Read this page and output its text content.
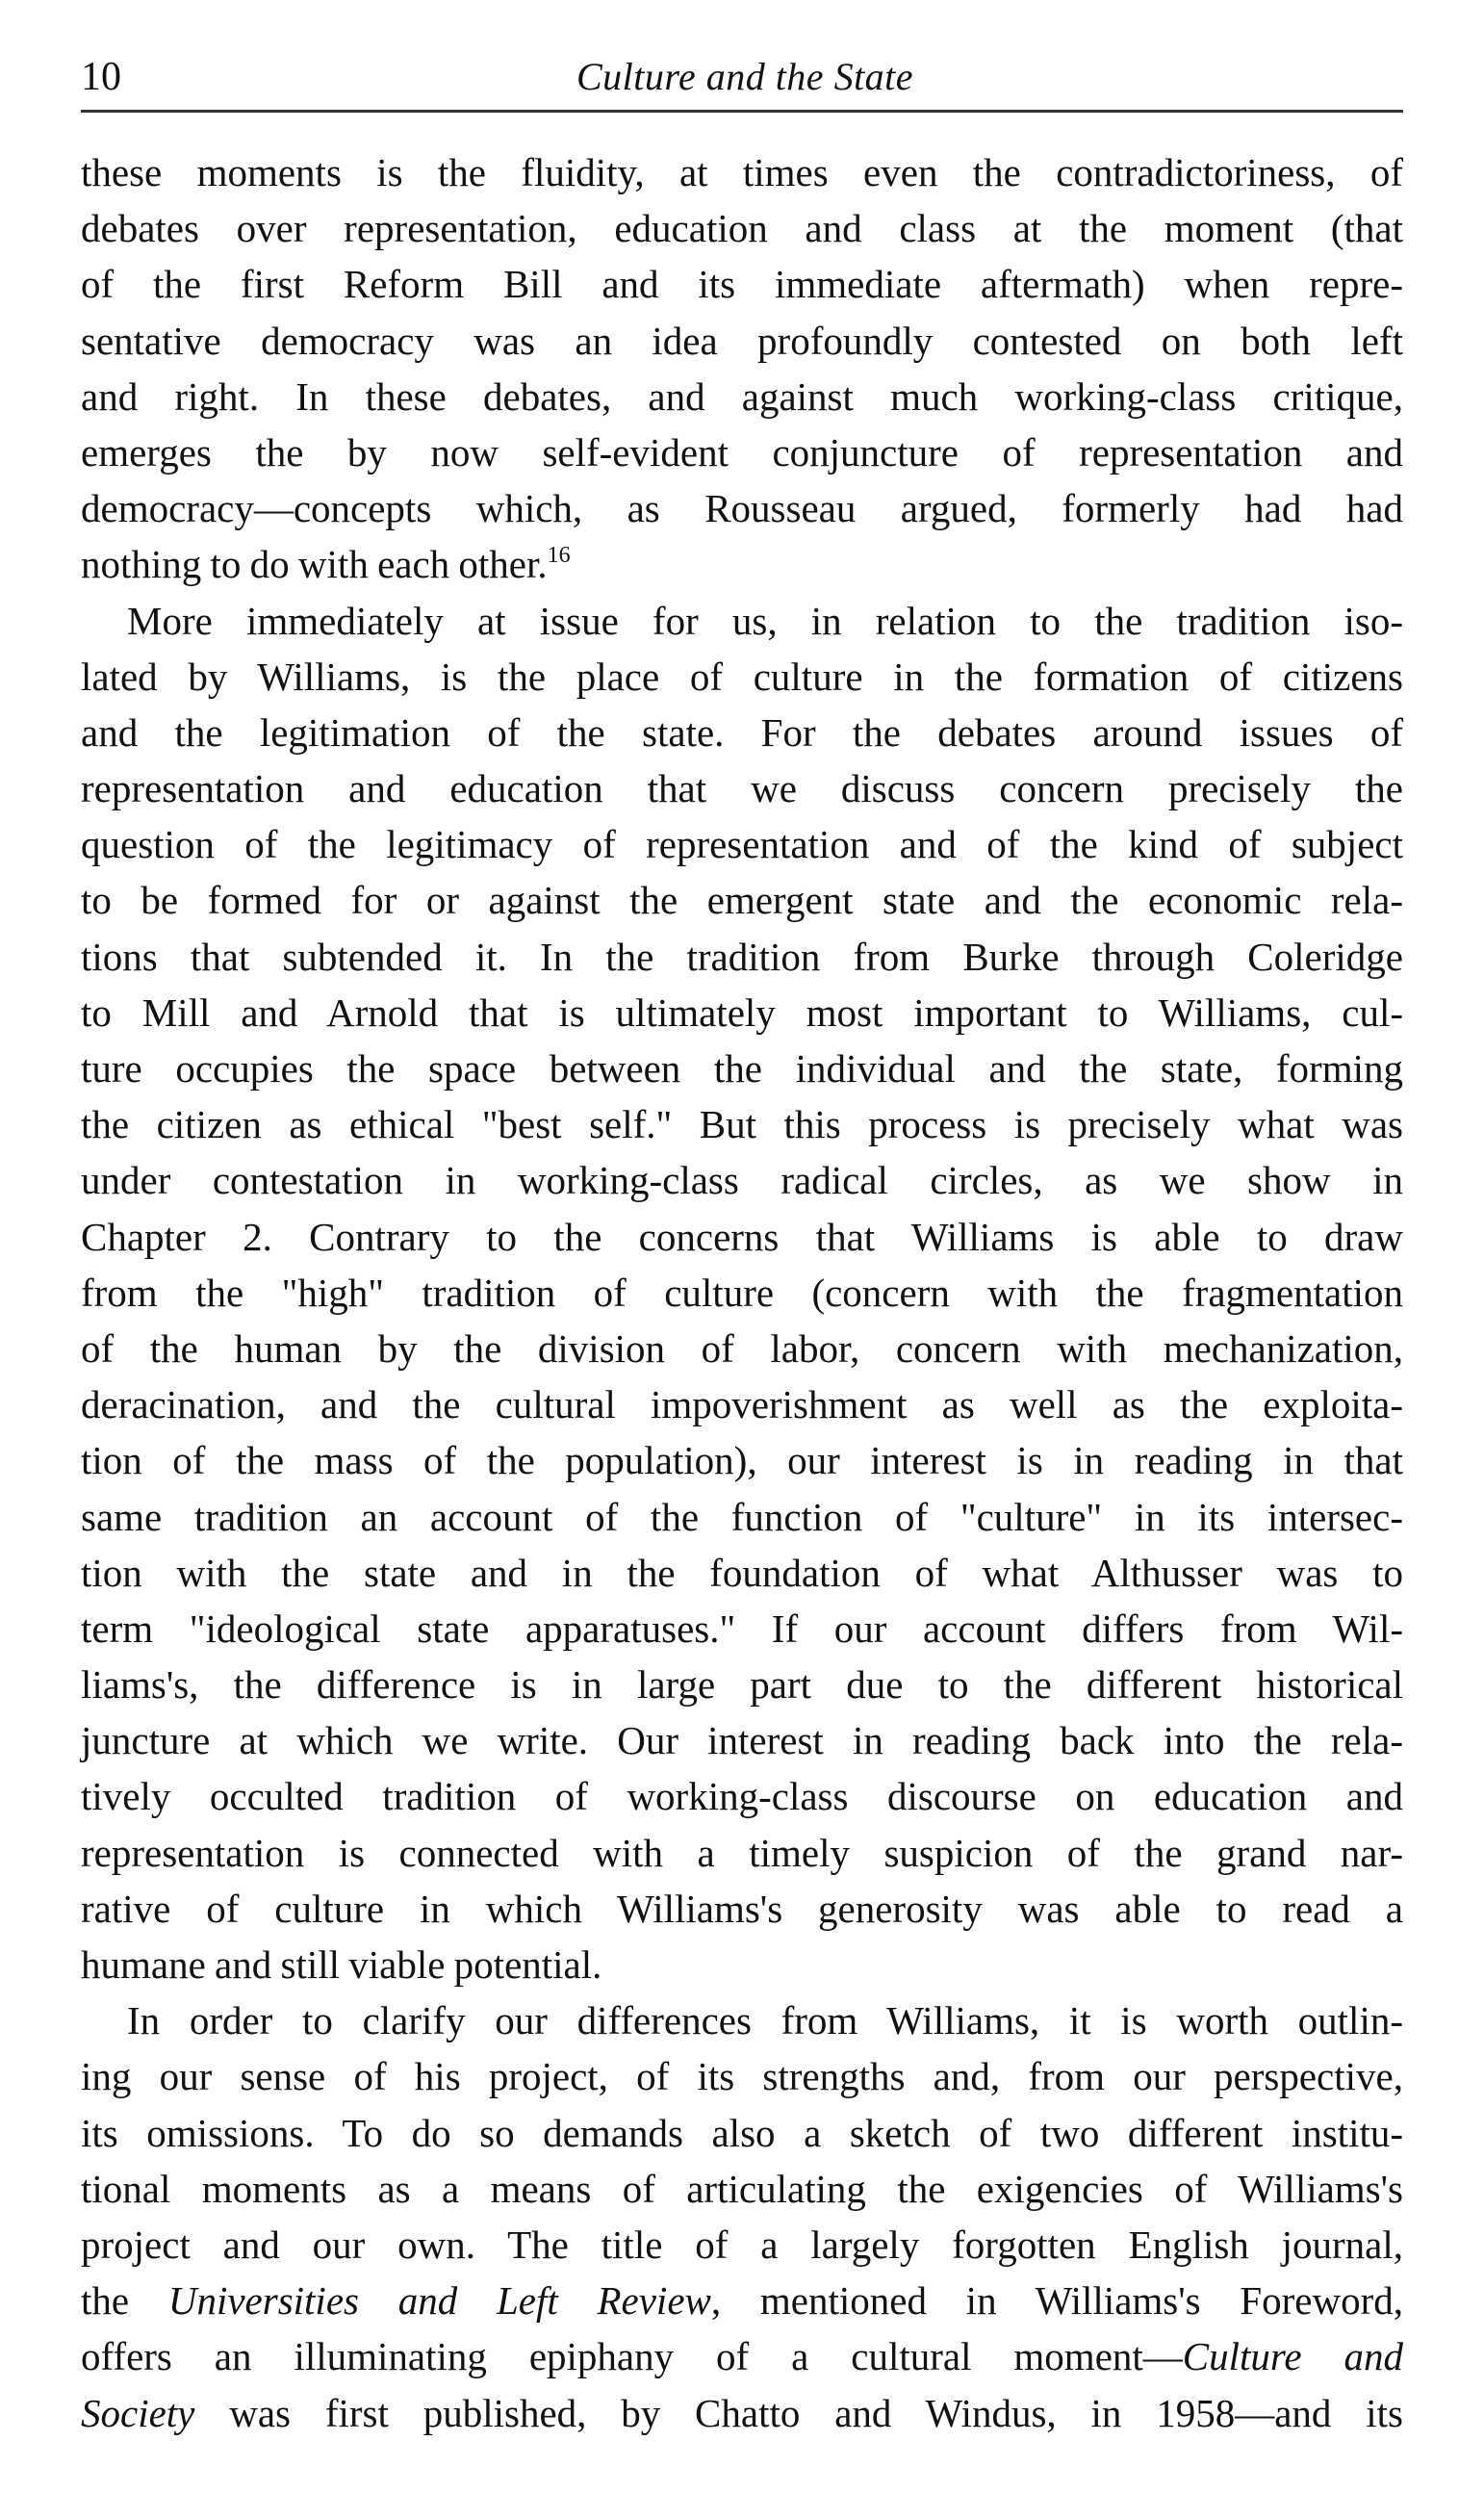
10	Culture and the State
these moments is the fluidity, at times even the contradictoriness, of
debates over representation, education and class at the moment (that
of the first Reform Bill and its immediate aftermath) when repre-
sentative democracy was an idea profoundly contested on both left
and right. In these debates, and against much working-class critique,
emerges the by now self-evident conjuncture of representation and
democracy—concepts which, as Rousseau argued, formerly had had
nothing to do with each other.$^{16}$
More immediately at issue for us, in relation to the tradition iso-
lated by Williams, is the place of culture in the formation of citizens
and the legitimation of the state. For the debates around issues of
representation and education that we discuss concern precisely the
question of the legitimacy of representation and of the kind of subject
to be formed for or against the emergent state and the economic rela-
tions that subtended it. In the tradition from Burke through Coleridge
to Mill and Arnold that is ultimately most important to Williams, cul-
ture occupies the space between the individual and the state, forming
the citizen as ethical "best self." But this process is precisely what was
under contestation in working-class radical circles, as we show in
Chapter 2. Contrary to the concerns that Williams is able to draw
from the "high" tradition of culture (concern with the fragmentation
of the human by the division of labor, concern with mechanization,
deracination, and the cultural impoverishment as well as the exploita-
tion of the mass of the population), our interest is in reading in that
same tradition an account of the function of "culture" in its intersec-
tion with the state and in the foundation of what Althusser was to
term "ideological state apparatuses." If our account differs from Wil-
liams's, the difference is in large part due to the different historical
juncture at which we write. Our interest in reading back into the rela-
tively occulted tradition of working-class discourse on education and
representation is connected with a timely suspicion of the grand nar-
rative of culture in which Williams's generosity was able to read a
humane and still viable potential.
In order to clarify our differences from Williams, it is worth outlin-
ing our sense of his project, of its strengths and, from our perspective,
its omissions. To do so demands also a sketch of two different institu-
tional moments as a means of articulating the exigencies of Williams's
project and our own. The title of a largely forgotten English journal,
the Universities and Left Review, mentioned in Williams's Foreword,
offers an illuminating epiphany of a cultural moment—Culture and
Society was first published, by Chatto and Windus, in 1958—and its
